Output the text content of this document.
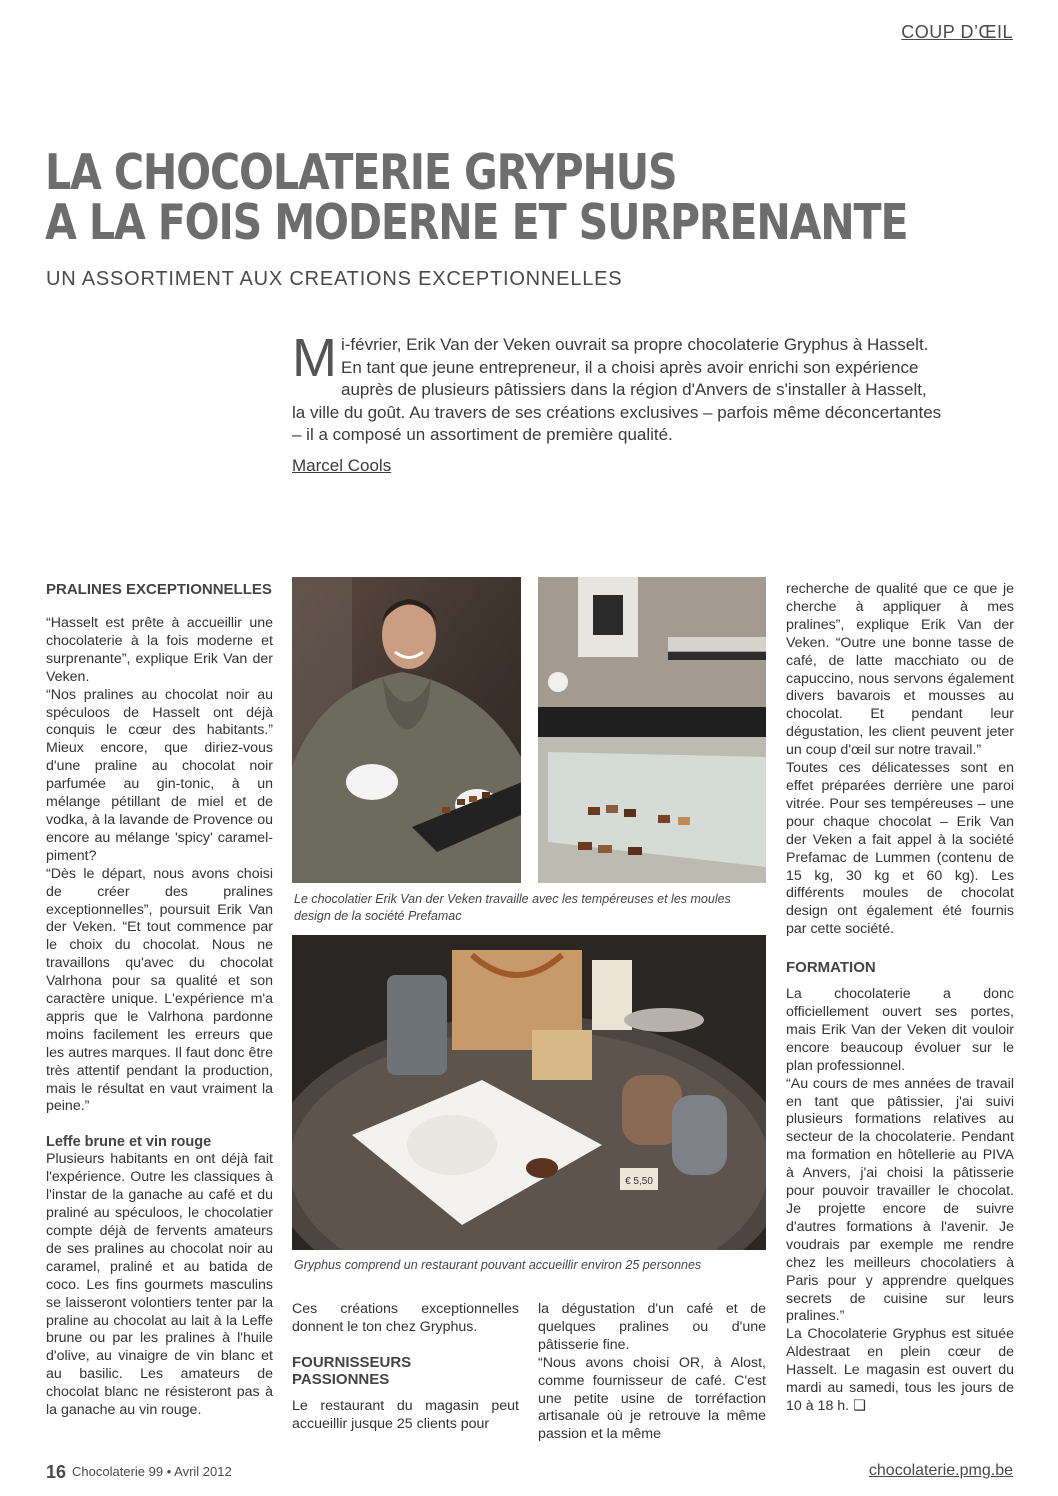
COUP D’ŒIL
LA CHOCOLATERIE GRYPHUS
A LA FOIS MODERNE ET SURPRENANTE
UN ASSORTIMENT AUX CREATIONS EXCEPTIONNELLES
Mi-février, Erik Van der Veken ouvrait sa propre chocolaterie Gryphus à Hasselt. En tant que jeune entrepreneur, il a choisi après avoir enrichi son expérience auprès de plusieurs pâtissiers dans la région d'Anvers de s'installer à Hasselt, la ville du goût. Au travers de ses créations exclusives – parfois même déconcertantes – il a composé un assortiment de première qualité.
Marcel Cools
PRALINES EXCEPTIONNELLES

“Hasselt est prête à accueillir une chocolaterie à la fois moderne et surprenante”, explique Erik Van der Veken.

“Nos pralines au chocolat noir au spéculoos de Hasselt ont déjà conquis le cœur des habitants.” Mieux encore, que diriez-vous d'une praline au chocolat noir parfumée au gin-tonic, à un mélange pétillant de miel et de vodka, à la lavande de Provence ou encore au mélange 'spicy' caramel-piment?

“Dès le départ, nous avons choisi de créer des pralines exceptionnelles”, poursuit Erik Van der Veken. “Et tout commence par le choix du chocolat. Nous ne travaillons qu'avec du chocolat Valrhona pour sa qualité et son caractère unique. L'expérience m'a appris que le Valrhona pardonne moins facilement les erreurs que les autres marques. Il faut donc être très attentif pendant la production, mais le résultat en vaut vraiment la peine.”

Leffe brune et vin rouge

Plusieurs habitants en ont déjà fait l'expérience. Outre les classiques à l'instar de la ganache au café et du praliné au spéculoos, le chocolatier compte déjà de fervents amateurs de ses pralines au chocolat noir au caramel, praliné et au batida de coco. Les fins gourmets masculins se laisseront volontiers tenter par la praline au chocolat au lait à la Leffe brune ou par les pralines à l'huile d'olive, au vinaigre de vin blanc et au basilic. Les amateurs de chocolat blanc ne résisteront pas à la ganache au vin rouge.

Le chocolatier Erik Van der Veken travaille avec les tempéreuses et les moules design de la société Prefamac
€ 5,50
Gryphus comprend un restaurant pouvant accueillir environ 25 personnes

Ces créations exceptionnelles donnent le ton chez Gryphus.

FOURNISSEURS PASSIONNES

Le restaurant du magasin peut accueillir jusque 25 clients pour

la dégustation d'un café et de quelques pralines ou d'une pâtisserie fine.

“Nous avons choisi OR, à Alost, comme fournisseur de café. C'est une petite usine de torréfaction artisanale où je retrouve la même passion et la même

recherche de qualité que ce que je cherche à appliquer à mes pralines”, explique Erik Van der Veken. “Outre une bonne tasse de café, de latte macchiato ou de capuccino, nous servons également divers bavarois et mousses au chocolat. Et pendant leur dégustation, les client peuvent jeter un coup d'œil sur notre travail.”

Toutes ces délicatesses sont en effet préparées derrière une paroi vitrée. Pour ses tempéreuses – une pour chaque chocolat – Erik Van der Veken a fait appel à la société Prefamac de Lummen (contenu de 15 kg, 30 kg et 60 kg). Les différents moules de chocolat design ont également été fournis par cette société.

FORMATION

La chocolaterie a donc officiellement ouvert ses portes, mais Erik Van der Veken dit vouloir encore beaucoup évoluer sur le plan professionnel.

“Au cours de mes années de travail en tant que pâtissier, j'ai suivi plusieurs formations relatives au secteur de la chocolaterie. Pendant ma formation en hôtellerie au PIVA à Anvers, j'ai choisi la pâtisserie pour pouvoir travailler le chocolat. Je projette encore de suivre d'autres formations à l'avenir. Je voudrais par exemple me rendre chez les meilleurs chocolatiers à Paris pour y apprendre quelques secrets de cuisine sur leurs pralines.”

La Chocolaterie Gryphus est située Aldestraat en plein cœur de Hasselt. Le magasin est ouvert du mardi au samedi, tous les jours de 10 à 18 h. ❑

16 Chocolaterie 99 • Avril 2012	chocolaterie.pmg.be
